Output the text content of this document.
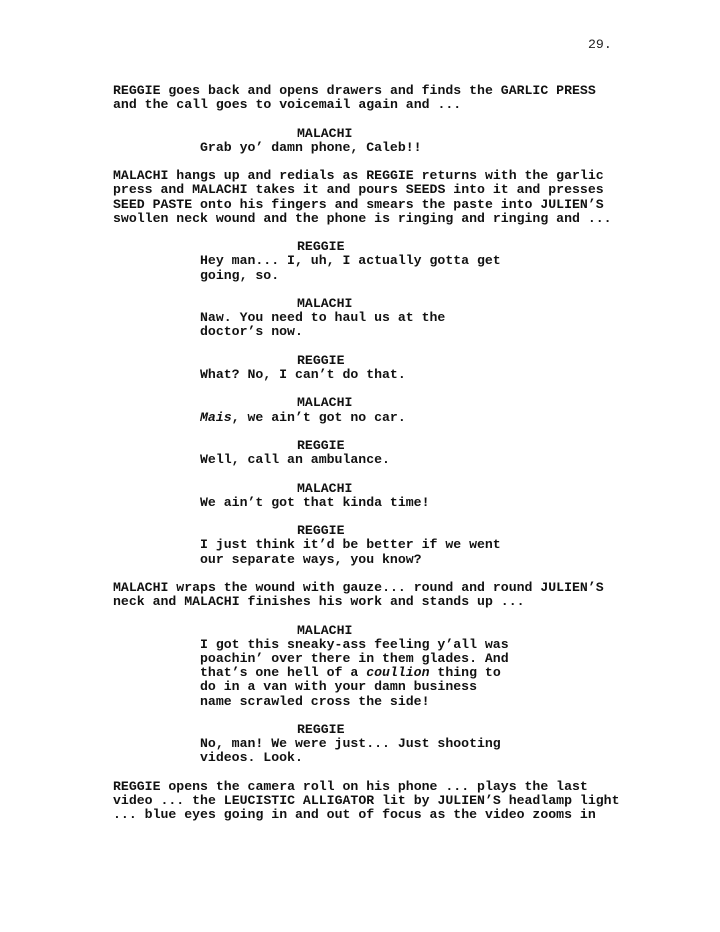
29.
REGGIE goes back and opens drawers and finds the GARLIC PRESS
and the call goes to voicemail again and ...
MALACHI
Grab yo’ damn phone, Caleb!!
MALACHI hangs up and redials as REGGIE returns with the garlic
press and MALACHI takes it and pours SEEDS into it and presses
SEED PASTE onto his fingers and smears the paste into JULIEN’S
swollen neck wound and the phone is ringing and ringing and ...
REGGIE
Hey man... I, uh, I actually gotta get
going, so.
MALACHI
Naw. You need to haul us at the
doctor’s now.
REGGIE
What? No, I can’t do that.
MALACHI
Mais, we ain’t got no car.
REGGIE
Well, call an ambulance.
MALACHI
We ain’t got that kinda time!
REGGIE
I just think it’d be better if we went
our separate ways, you know?
MALACHI wraps the wound with gauze... round and round JULIEN’S
neck and MALACHI finishes his work and stands up ...
MALACHI
I got this sneaky-ass feeling y’all was
poachin’ over there in them glades. And
that’s one hell of a coullion thing to
do in a van with your damn business
name scrawled cross the side!
REGGIE
No, man! We were just... Just shooting
videos. Look.
REGGIE opens the camera roll on his phone ... plays the last
video ... the LEUCISTIC ALLIGATOR lit by JULIEN’S headlamp light
... blue eyes going in and out of focus as the video zooms in
